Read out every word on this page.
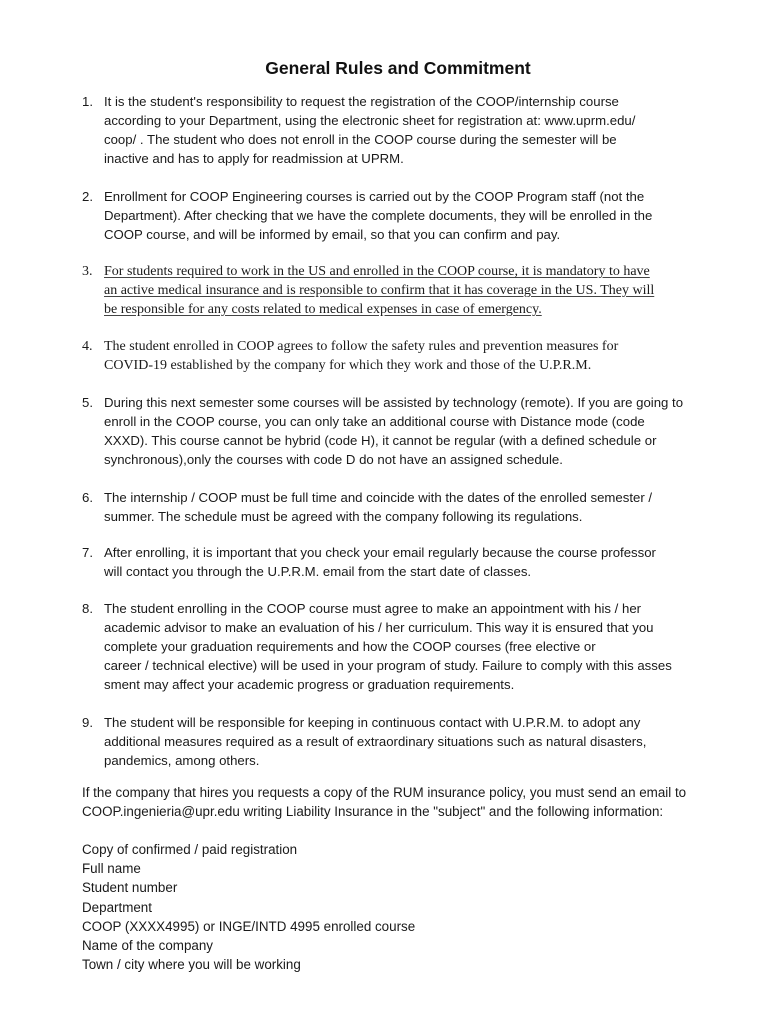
General Rules and Commitment
1. It is the student's responsibility to request the registration of the COOP/internship course
according to your Department, using the electronic sheet for registration at: www.uprm.edu/
coop/ . The student who does not enroll in the COOP course during the semester will be
inactive and has to apply for readmission at UPRM.
2. Enrollment for COOP Engineering courses is carried out by the COOP Program staff (not the
Department). After checking that we have the complete documents, they will be enrolled in the
COOP course, and will be informed by email, so that you can confirm and pay.
3. For students required to work in the US and enrolled in the COOP course, it is mandatory to have
an active medical insurance and is responsible to confirm that it has coverage in the US. They will
be responsible for any costs related to medical expenses in case of emergency.
4. The student enrolled in COOP agrees to follow the safety rules and prevention measures for
COVID-19 established by the company for which they work and those of the U.P.R.M.
5. During this next semester some courses will be assisted by technology (remote). If you are going to
enroll in the COOP course, you can only take an additional course with Distance mode (code
XXXD). This course cannot be hybrid (code H), it cannot be regular (with a defined schedule or
synchronous),only the courses with code D do not have an assigned schedule.
6. The internship / COOP must be full time and coincide with the dates of the enrolled semester /
summer. The schedule must be agreed with the company following its regulations.
7. After enrolling, it is important that you check your email regularly because the course professor
will contact you through the U.P.R.M. email from the start date of classes.
8. The student enrolling in the COOP course must agree to make an appointment with his / her
academic advisor to make an evaluation of his / her curriculum. This way it is ensured that you
complete your graduation requirements and how the COOP courses (free elective or
career / technical elective) will be used in your program of study. Failure to comply with this asses
sment may affect your academic progress or graduation requirements.
9. The student will be responsible for keeping in continuous contact with U.P.R.M. to adopt any
additional measures required as a result of extraordinary situations such as natural disasters,
pandemics, among others.
If the company that hires you requests a copy of the RUM insurance policy, you must send an email to
COOP.ingenieria@upr.edu writing Liability Insurance in the "subject" and the following information:
Copy of confirmed / paid registration
Full name
Student number
Department
COOP (XXXX4995) or INGE/INTD 4995 enrolled course
Name of the company
Town / city where you will be working
